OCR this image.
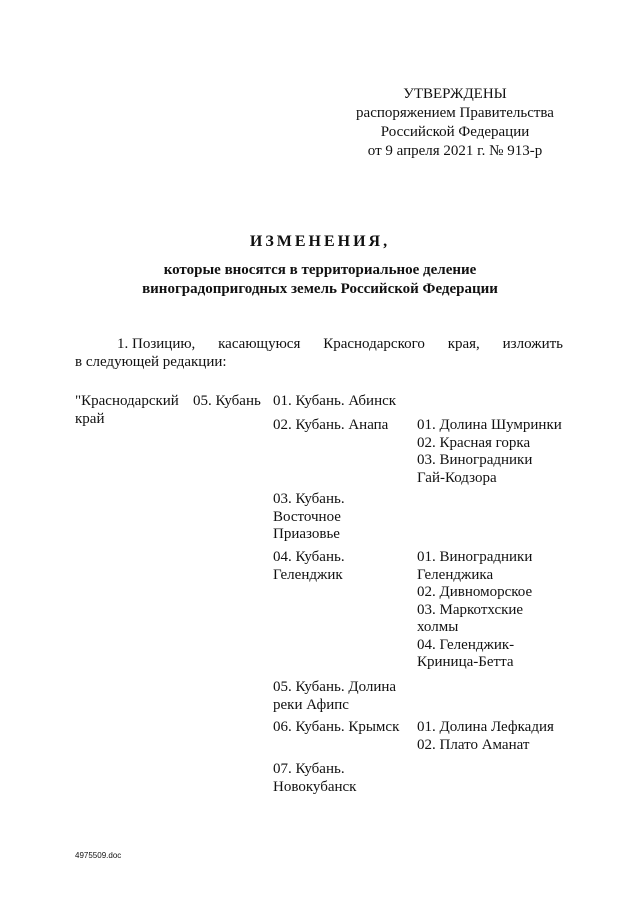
УТВЕРЖДЕНЫ
распоряжением Правительства
Российской Федерации
от 9 апреля 2021 г. № 913-р
ИЗМЕНЕНИЯ,
которые вносятся в территориальное деление
виноградопригодных земель Российской Федерации
1. Позицию, касающуюся Краснодарского края, изложить
в следующей редакции:
"Краснодарский
край
05. Кубань 01. Кубань. Абинск
02. Кубань. Анапа 01. Долина Шумринки
02. Красная горка
03. Виноградники
Гай-Кодзора
03. Кубань.
Восточное
Приазовье
04. Кубань.
Геленджик
01. Виноградники
Геленджика
02. Дивноморское
03. Маркотхские
холмы
04. Геленджик-
Криница-Бетта
05. Кубань. Долина
реки Афипс
06. Кубань. Крымск 01. Долина Лефкадия
02. Плато Аманат
07. Кубань.
Новокубанск
4975509.doc
